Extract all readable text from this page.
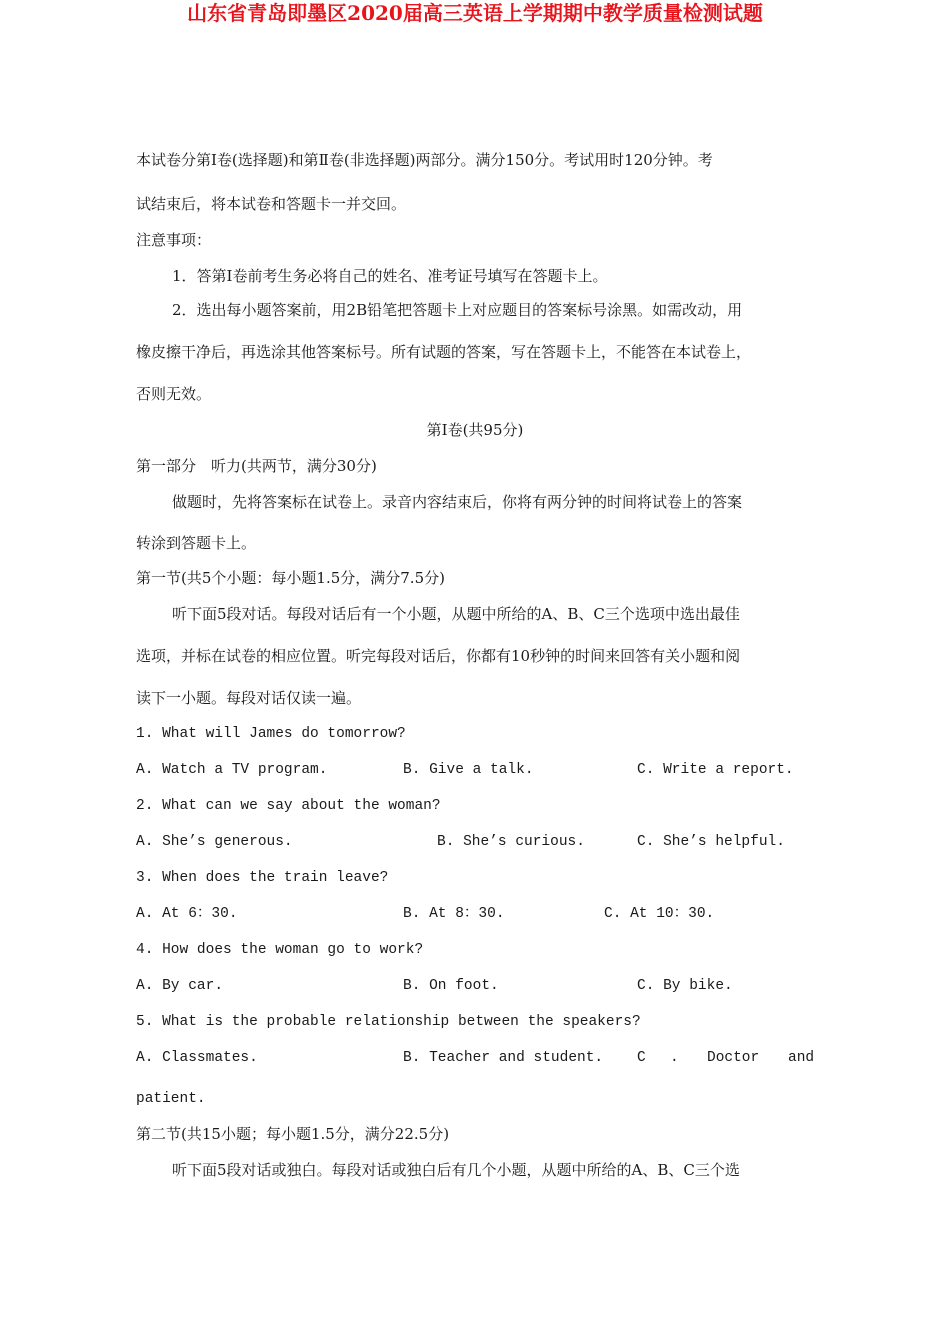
山东省青岛即墨区2020届高三英语上学期期中教学质量检测试题
本试卷分第Ⅰ卷(选择题)和第Ⅱ卷(非选择题)两部分。满分150分。考试用时120分钟。考
试结束后，将本试卷和答题卡一并交回。
注意事项：
1．答第Ⅰ卷前考生务必将自己的姓名、准考证号填写在答题卡上。
2．选出每小题答案前，用2B铅笔把答题卡上对应题目的答案标号涂黑。如需改动，用
橡皮擦干净后，再选涂其他答案标号。所有试题的答案，写在答题卡上，不能答在本试卷上，
否则无效。
第Ⅰ卷(共95分)
第一部分　听力(共两节，满分30分)
做题时，先将答案标在试卷上。录音内容结束后，你将有两分钟的时间将试卷上的答案
转涂到答题卡上。
第一节(共5个小题：每小题1.5分，满分7.5分)
听下面5段对话。每段对话后有一个小题，从题中所给的A、B、C三个选项中选出最佳
选项，并标在试卷的相应位置。听完每段对话后，你都有10秒钟的时间来回答有关小题和阅
读下一小题。每段对话仅读一遍。
1. What will James do tomorrow?
A. Watch a TV program.	B. Give a talk.	C. Write a report.
2. What can we say about the woman?
A. She’s generous.	B. She’s curious.	C. She’s helpful.
3. When does the train leave?
A. At 6：30.	B. At 8：30.	C. At 10：30.
4. How does the woman go to work?
A. By car.	B. On foot.	C. By bike.
5. What is the probable relationship between the speakers?
A. Classmates.	B. Teacher and student. C . Doctor and
patient.
第二节(共15小题；每小题1.5分，满分22.5分)
听下面5段对话或独白。每段对话或独白后有几个小题，从题中所给的A、B、C三个选
